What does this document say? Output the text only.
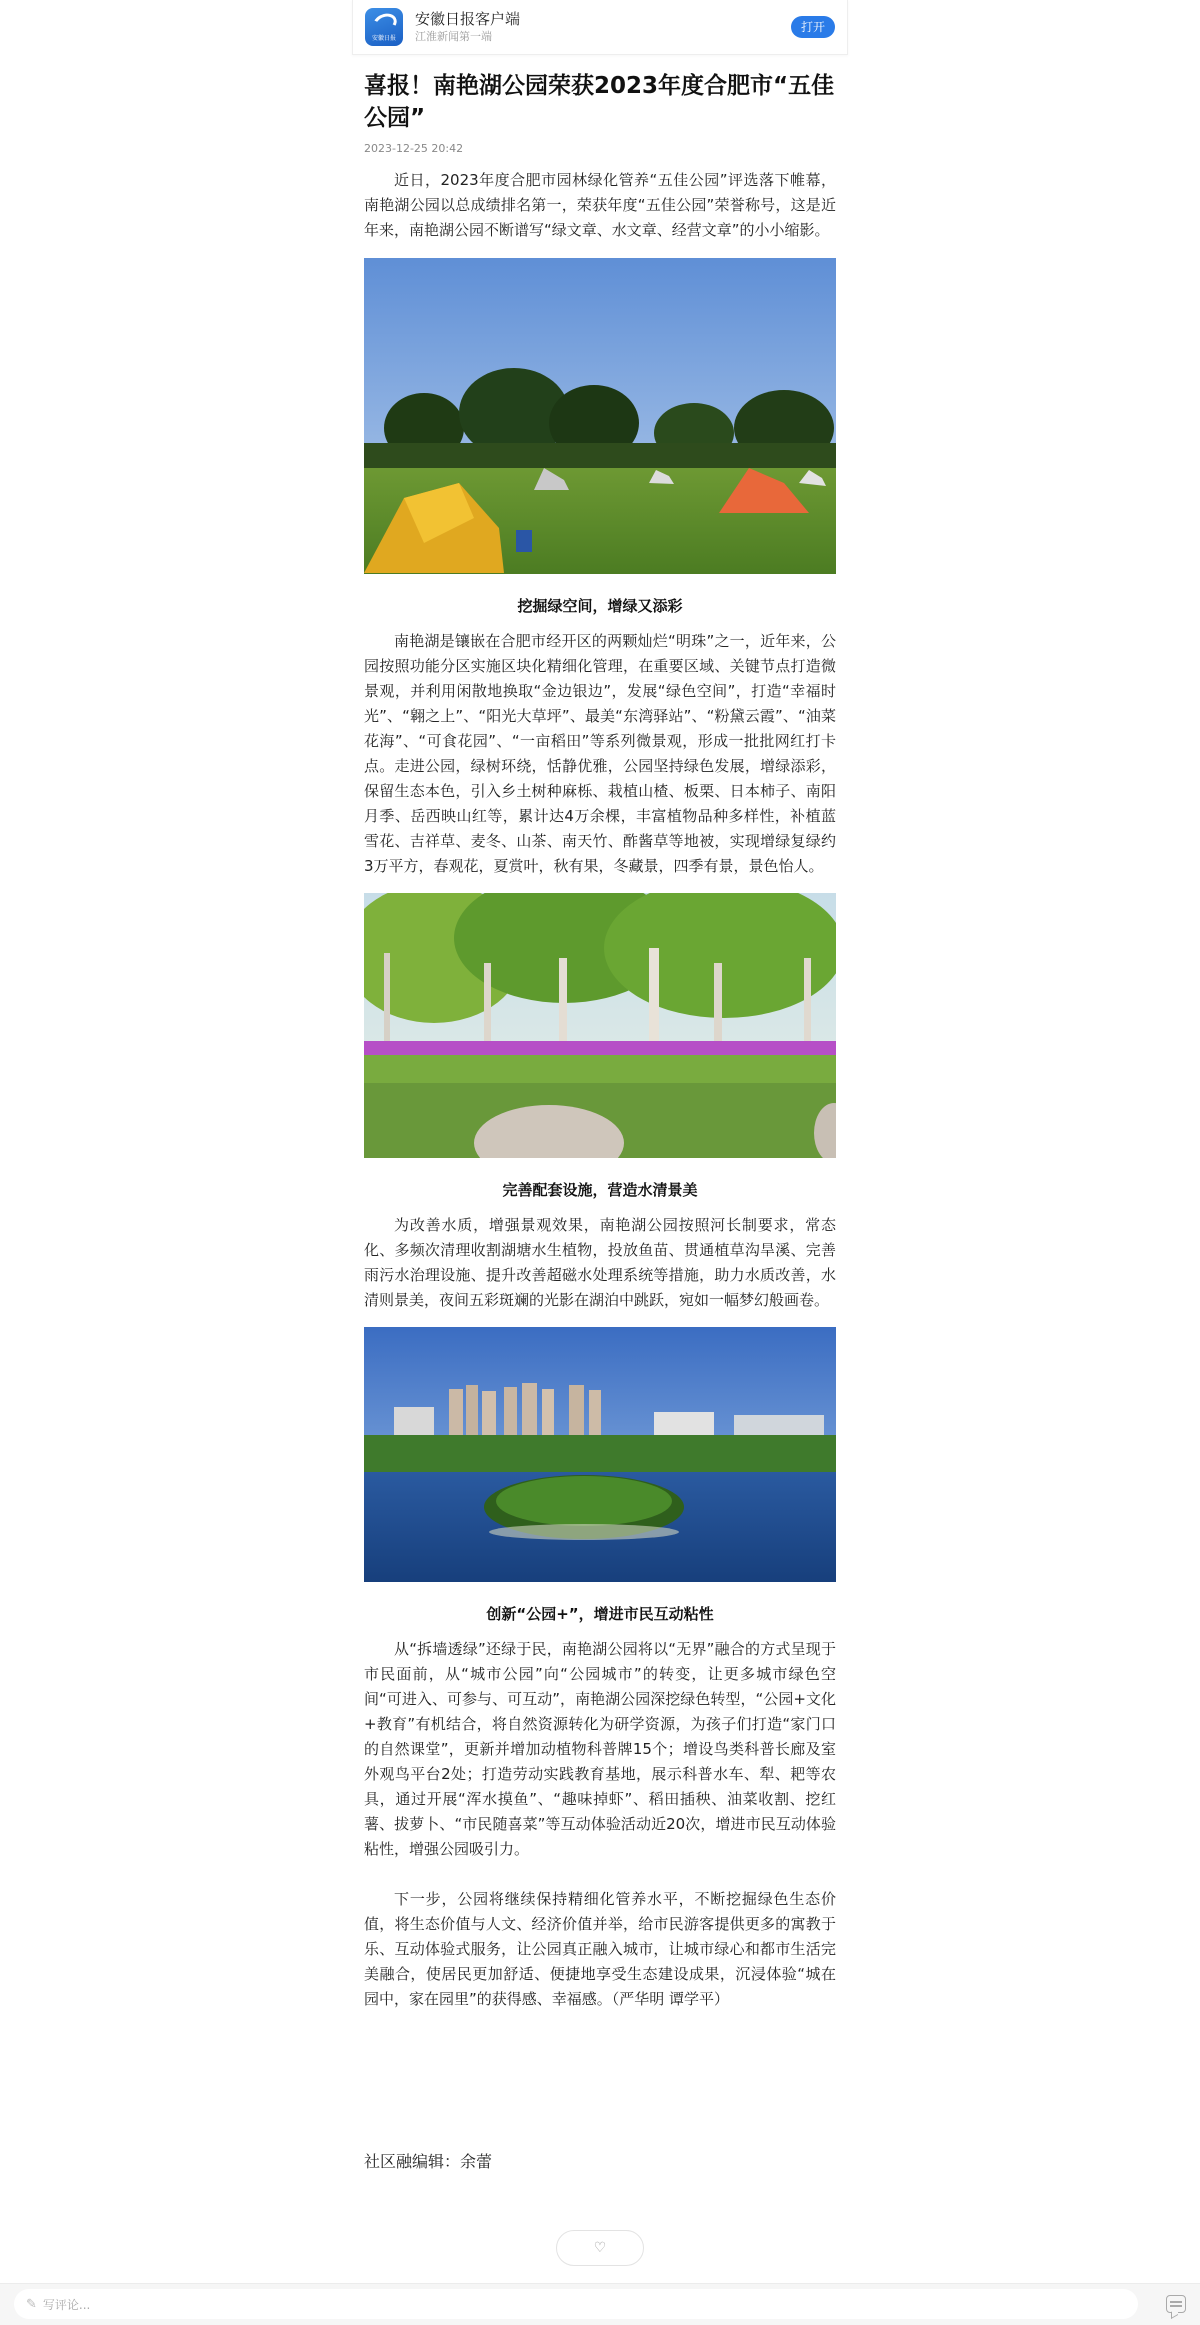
安徽日报
安徽日报客户端
江淮新闻第一端
打开
喜报！南艳湖公园荣获2023年度合肥市“五佳公园”
2023-12-25 20:42
近日，2023年度合肥市园林绿化管养“五佳公园”评选落下帷幕，南艳湖公园以总成绩排名第一，荣获年度“五佳公园”荣誉称号，这是近年来，南艳湖公园不断谱写“绿文章、水文章、经营文章”的小小缩影。
挖掘绿空间，增绿又添彩
南艳湖是镶嵌在合肥市经开区的两颗灿烂“明珠”之一，近年来，公园按照功能分区实施区块化精细化管理，在重要区域、关键节点打造微景观，并利用闲散地换取“金边银边”，发展“绿色空间”，打造“幸福时光”、“翱之上”、“阳光大草坪”、最美“东湾驿站”、“粉黛云霞”、“油菜花海”、“可食花园”、“一亩稻田”等系列微景观，形成一批批网红打卡点。走进公园，绿树环绕，恬静优雅，公园坚持绿色发展，增绿添彩，保留生态本色，引入乡土树种麻栎、栽植山楂、板栗、日本柿子、南阳月季、岳西映山红等，累计达4万余棵，丰富植物品种多样性，补植蓝雪花、吉祥草、麦冬、山茶、南天竹、酢酱草等地被，实现增绿复绿约3万平方，春观花，夏赏叶，秋有果，冬藏景，四季有景，景色怡人。
完善配套设施，营造水清景美
为改善水质，增强景观效果，南艳湖公园按照河长制要求，常态化、多频次清理收割湖塘水生植物，投放鱼苗、贯通植草沟旱溪、完善雨污水治理设施、提升改善超磁水处理系统等措施，助力水质改善，水清则景美，夜间五彩斑斓的光影在湖泊中跳跃，宛如一幅梦幻般画卷。
创新“公园+”，增进市民互动粘性
从“拆墙透绿”还绿于民，南艳湖公园将以“无界”融合的方式呈现于市民面前，从“城市公园”向“公园城市”的转变，让更多城市绿色空间“可进入、可参与、可互动”，南艳湖公园深挖绿色转型，“公园+文化+教育”有机结合，将自然资源转化为研学资源，为孩子们打造“家门口的自然课堂”，更新并增加动植物科普牌15个；增设鸟类科普长廊及室外观鸟平台2处；打造劳动实践教育基地，展示科普水车、犁、耙等农具，通过开展“浑水摸鱼”、“趣味掉虾”、稻田插秧、油菜收割、挖红薯、拔萝卜、“市民随喜菜”等互动体验活动近20次，增进市民互动体验粘性，增强公园吸引力。
下一步，公园将继续保持精细化管养水平，不断挖掘绿色生态价值，将生态价值与人文、经济价值并举，给市民游客提供更多的寓教于乐、互动体验式服务，让公园真正融入城市，让城市绿心和都市生活完美融合，使居民更加舒适、便捷地享受生态建设成果，沉浸体验“城在园中，家在园里”的获得感、幸福感。（严华明 谭学平）
社区融编辑：余蕾
♡
✎ 写评论...
